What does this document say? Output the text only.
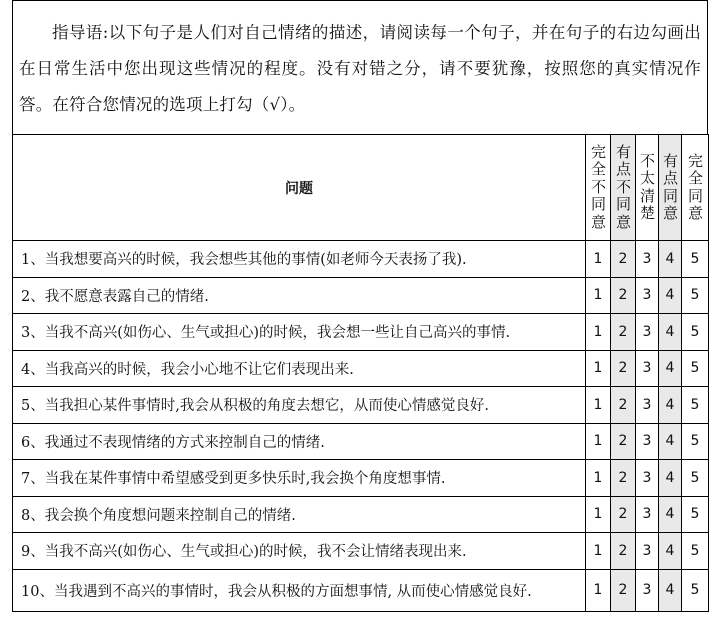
指导语:以下句子是人们对自己情绪的描述，请阅读每一个句子，并在句子的右边勾画出在日常生活中您出现这些情况的程度。没有对错之分，请不要犹豫，按照您的真实情况作答。在符合您情况的选项上打勾（√）。

问题	完全不同意	有点不同意	不太清楚	有点同意	完全同意

1、当我想要高兴的时候，我会想些其他的事情(如老师今天表扬了我).	1	2	3	4	5
2、我不愿意表露自己的情绪.	1	2	3	4	5
3、当我不高兴(如伤心、生气或担心)的时候，我会想一些让自己高兴的事情.	1	2	3	4	5
4、当我高兴的时候，我会小心地不让它们表现出来.	1	2	3	4	5
5、当我担心某件事情时,我会从积极的角度去想它，从而使心情感觉良好.	1	2	3	4	5
6、我通过不表现情绪的方式来控制自己的情绪.	1	2	3	4	5
7、当我在某件事情中希望感受到更多快乐时,我会换个角度想事情.	1	2	3	4	5
8、我会换个角度想问题来控制自己的情绪.	1	2	3	4	5
9、当我不高兴(如伤心、生气或担心)的时候，我不会让情绪表现出来.	1	2	3	4	5
10、当我遇到不高兴的事情时，我会从积极的方面想事情, 从而使心情感觉良好.	1	2	3	4	5
